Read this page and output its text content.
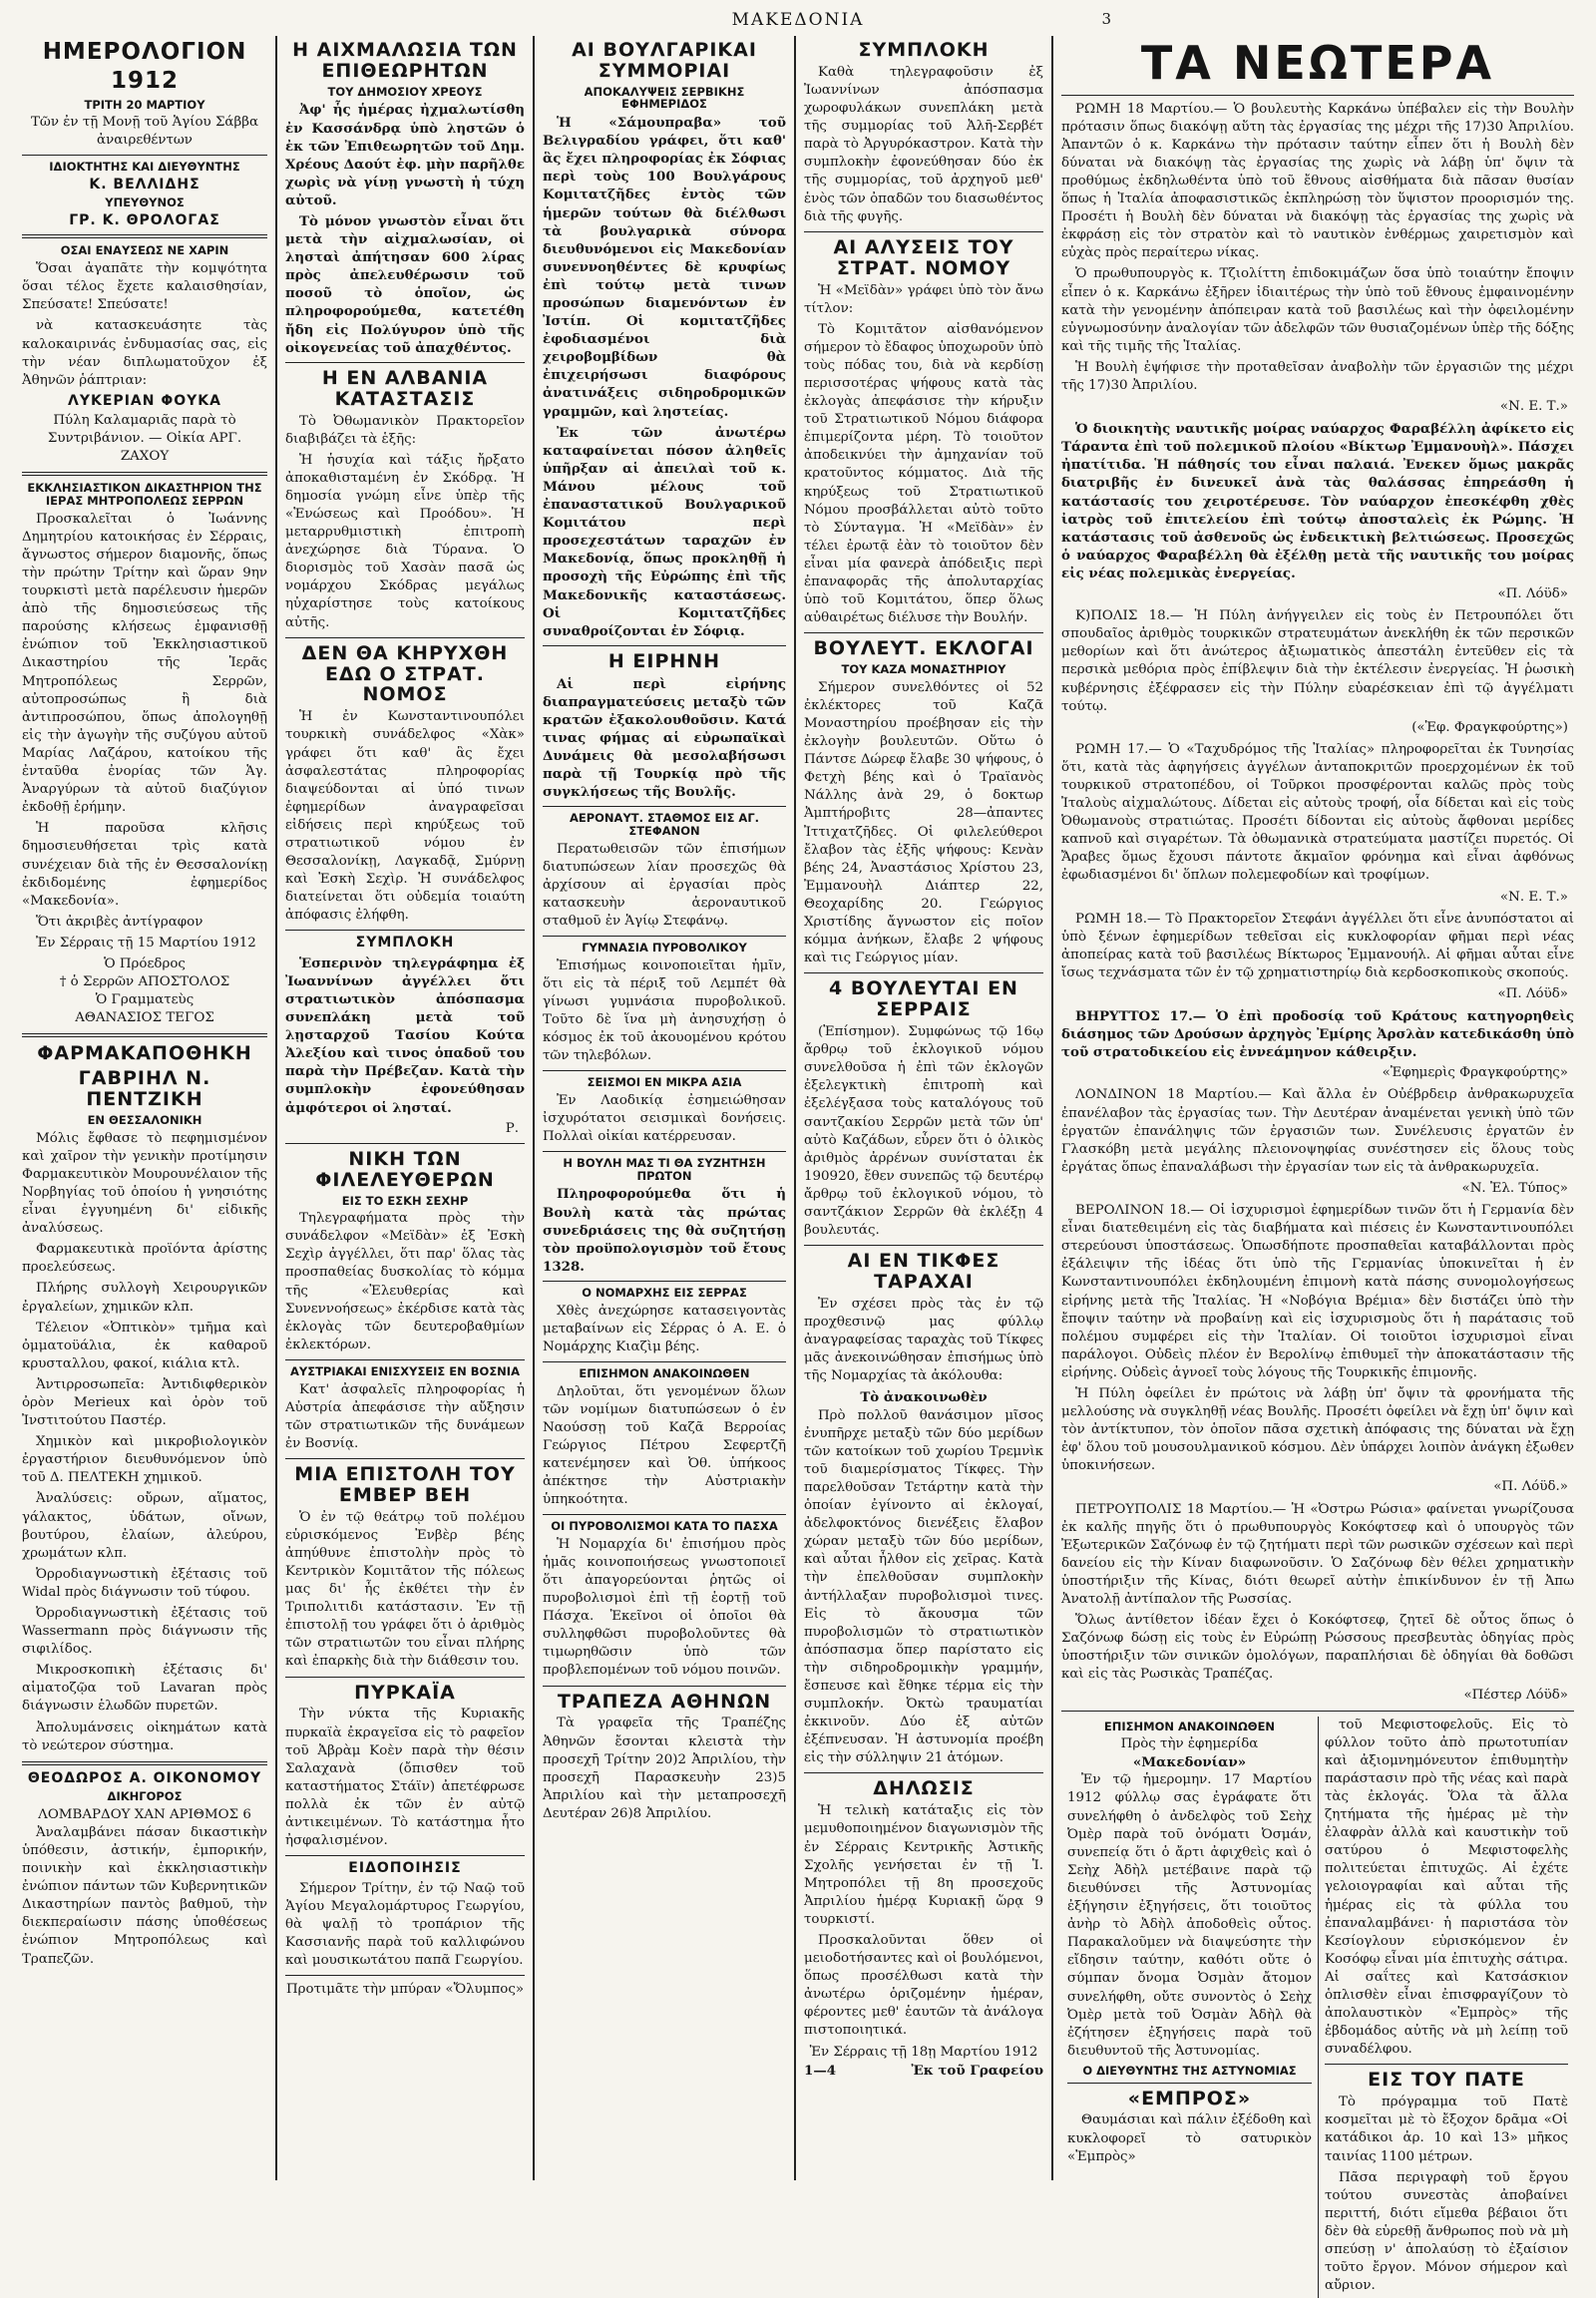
ΜΑΚΕΔΟΝΙΑ	3
ΗΜΕΡΟΛΟΓΙΟΝ
1912
ΤΡΙΤΗ 20 ΜΑΡΤΙΟΥ
Τῶν ἐν τῇ Μονῇ τοῦ Ἁγίου Σάββα ἀναιρεθέντων
ΙΔΙΟΚΤΗΤΗΣ ΚΑΙ ΔΙΕΥΘΥΝΤΗΣ
Κ. ΒΕΛΛΙΔΗΣ
ΥΠΕΥΘΥΝΟΣ
ΓΡ. Κ. ΘΡΟΛΟΓΑΣ
ΟΣΑΙ ΕΝΑΥΣΕΩΣ ΝΕ ΧΑΡΙΝ

Ὅσαι ἀγαπᾶτε τὴν κομψότητα ὅσαι τέλος ἔχετε καλαισθησίαν, Σπεύσατε! Σπεύσατε!

νὰ κατασκευάσητε τὰς καλοκαιρινάς ἐνδυμασίας σας, εἰς τὴν νέαν διπλωματοῦχον ἐξ Ἀθηνῶν ῥάπτριαν:

ΛΥΚΕΡΙΑΝ ΦΟΥΚΑ
Πύλη Καλαμαριᾶς παρὰ τὸ Συντριβάνιον. — Οἰκία ΑΡΓ. ΖΑΧΟΥ
ΕΚΚΛΗΣΙΑΣΤΙΚΟΝ ΔΙΚΑΣΤΗΡΙΟΝ ΤΗΣ ΙΕΡΑΣ ΜΗΤΡΟΠΟΛΕΩΣ ΣΕΡΡΩΝ

Προσκαλεῖται ὁ Ἰωάννης Δημητρίου κατοικήσας ἐν Σέρραις, ἄγνωστος σήμερον διαμονῆς, ὅπως τὴν πρώτην Τρίτην καὶ ὥραν 9ην τουρκιστὶ μετὰ παρέλευσιν ἡμερῶν ἀπὸ τῆς δημοσιεύσεως τῆς παρούσης κλήσεως ἐμφανισθῇ ἐνώπιον τοῦ Ἐκκλησιαστικοῦ Δικαστηρίου τῆς Ἱερᾶς Μητροπόλεως Σερρῶν, αὐτοπροσώπως ἢ διὰ ἀντιπροσώπου, ὅπως ἀπολογηθῇ εἰς τὴν ἀγωγὴν τῆς συζύγου αὐτοῦ Μαρίας Λαζάρου, κατοίκου τῆς ἐνταῦθα ἐνορίας τῶν Ἁγ. Ἀναργύρων τὰ αὐτοῦ διαζύγιον ἐκδοθῇ ἐρήμην.

Ἡ παροῦσα κλῆσις δημοσιευθήσεται τρὶς κατὰ συνέχειαν διὰ τῆς ἐν Θεσσαλονίκῃ ἐκδιδομένης ἐφημερίδος «Μακεδονία».

Ὅτι ἀκριβὲς ἀντίγραφον

Ἐν Σέρραις τῇ 15 Μαρτίου 1912

Ὁ Πρόεδρος
† ὁ Σερρῶν ΑΠΟΣΤΟΛΟΣ
Ὁ Γραμματεὺς
ΑΘΑΝΑΣΙΟΣ ΤΕΓΟΣ
ΦΑΡΜΑΚΑΠΟΘΗΚΗ
ΓΑΒΡΙΗΛ Ν. ΠΕΝΤΖΙΚΗ
ΕΝ ΘΕΣΣΑΛΟΝΙΚΗ

Μόλις ἔφθασε τὸ πεφημισμένον καὶ χαῖρον τὴν γενικὴν προτίμησιν Φαρμακευτικὸν Μουρουνέλαιον τῆς Νορβηγίας τοῦ ὁποίου ἡ γνησιότης εἶναι ἐγγυημένη δι' εἰδικῆς ἀναλύσεως.

Φαρμακευτικὰ προϊόντα ἀρίστης προελεύσεως.

Πλήρης συλλογὴ Χειρουργικῶν ἐργαλείων, χημικῶν κλπ.

Τέλειον «Ὀπτικὸν» τμῆμα καὶ ὀμματοϋάλια, ἐκ καθαροῦ κρυσταλλου, φακοί, κιάλια κτλ.

Ἀντιρροσωπεῖα: Ἀντιδιφθερικὸν ὀρὸν Merieux καὶ ὀρὸν τοῦ Ἰνστιτούτου Παστέρ.

Χημικὸν καὶ μικροβιολογικὸν ἐργαστήριον διευθυνόμενον ὑπὸ τοῦ Δ. ΠΕΛΤΕΚΗ χημικοῦ.

Ἀναλύσεις: οὔρων, αἵματος, γάλακτος, ὑδάτων, οἴνων, βουτύρου, ἐλαίων, ἀλεύρου, χρωμάτων κλπ.

Ὀρροδιαγνωστικὴ ἐξέτασις τοῦ Widal πρὸς διάγνωσιν τοῦ τύφου.

Ὀρροδιαγνωστικὴ ἐξέτασις τοῦ Wassermann πρὸς διάγνωσιν τῆς σιφιλίδος.

Μικροσκοπικὴ ἐξέτασις δι' αἱματοζῷα τοῦ Lavaran πρὸς διάγνωσιν ἑλωδῶν πυρετῶν.

Ἀπολυμάνσεις οἰκημάτων κατὰ τὸ νεώτερον σύστημα.

ΘΕΟΔΩΡΟΣ Α. ΟΙΚΟΝΟΜΟΥ
ΔΙΚΗΓΟΡΟΣ
ΛΟΜΒΑΡΔΟΥ ΧΑΝ ΑΡΙΘΜΟΣ 6

Ἀναλαμβάνει πάσαν δικαστικὴν ὑπόθεσιν, ἀστικήν, ἐμπορικήν, ποινικὴν καὶ ἐκκλησιαστικὴν ἐνώπιον πάντων τῶν Κυβερνητικῶν Δικαστηρίων παντὸς βαθμοῦ, τὴν διεκπεραίωσιν πάσης ὑποθέσεως ἐνώπιον Μητροπόλεως καὶ Τραπεζῶν.

Η ΑΙΧΜΑΛΩΣΙΑ ΤΩΝ ΕΠΙΘΕΩΡΗΤΩΝ
ΤΟΥ ΔΗΜΟΣΙΟΥ ΧΡΕΟΥΣ

Ἀφ' ἧς ἡμέρας ἠχμαλωτίσθη ἐν Κασσάνδρᾳ ὑπὸ ληστῶν ὁ ἐκ τῶν Ἐπιθεωρητῶν τοῦ Δημ. Χρέους Δαούτ ἐφ. μὴν παρῆλθε χωρὶς νὰ γίνῃ γνωστὴ ἡ τύχη αὐτοῦ.

Τὸ μόνον γνωστὸν εἶναι ὅτι μετὰ τὴν αἰχμαλωσίαν, οἱ λησταὶ ἀπήτησαν 600 λίρας πρὸς ἀπελευθέρωσιν τοῦ ποσοῦ τὸ ὁποῖον, ὡς πληροφορούμεθα, κατετέθη ἤδη εἰς Πολύγυρον ὑπὸ τῆς οἰκογενείας τοῦ ἀπαχθέντος.

Η ΕΝ ΑΛΒΑΝΙΑ ΚΑΤΑΣΤΑΣΙΣ

Τὸ Ὀθωμανικὸν Πρακτορεῖον διαβιβάζει τὰ ἑξῆς:

Ἡ ἡσυχία καὶ τάξις ἤρξατο ἀποκαθισταμένη ἐν Σκόδρᾳ. Ἡ δημοσία γνώμη εἶνε ὑπὲρ τῆς «Ἑνώσεως καὶ Προόδου». Ἡ μεταρρυθμιστικὴ ἐπιτροπὴ ἀνεχώρησε διὰ Τύρανα. Ὁ διορισμὸς τοῦ Χασὰν πασᾶ ὡς νομάρχου Σκόδρας μεγάλως ηὐχαρίστησε τοὺς κατοίκους αὐτῆς.

ΔΕΝ ΘΑ ΚΗΡΥΧΘΗ ΕΔΩ Ο ΣΤΡΑΤ. ΝΟΜΟΣ

Ἡ ἐν Κωνσταντινουπόλει τουρκικὴ συνάδελφος «Χὰκ» γράφει ὅτι καθ' ἃς ἔχει ἀσφαλεστάτας πληροφορίας διαψεύδονται αἱ ὑπό τινων ἐφημερίδων ἀναγραφεῖσαι εἰδήσεις περὶ κηρύξεως τοῦ στρατιωτικοῦ νόμου ἐν Θεσσαλονίκῃ, Λαγκαδᾷ, Σμύρνῃ καὶ Ἐσκὴ Σεχὶρ. Ἡ συνάδελφος διατείνεται ὅτι οὐδεμία τοιαύτη ἀπόφασις ἐλήφθη.

ΣΥΜΠΛΟΚΗ

Ἑσπερινὸν τηλεγράφημα ἐξ Ἰωαννίνων ἀγγέλλει ὅτι στρατιωτικὸν ἀπόσπασμα συνεπλάκη μετὰ τοῦ λῃσταρχοῦ Τασίου Κούτα Ἀλεξίου καὶ τινος ὁπαδοῦ του παρὰ τὴν Πρέβεζαν. Κατὰ τὴν συμπλοκὴν ἐφονεύθησαν ἀμφότεροι οἱ λησταί.

Ρ.
ΝΙΚΗ ΤΩΝ ΦΙΛΕΛΕΥΘΕΡΩΝ
ΕΙΣ ΤΟ ΕΣΚΗ ΣΕΧΗΡ

Τηλεγραφήματα πρὸς τὴν συνάδελφον «Μεϊδὰν» ἐξ Ἐσκὴ Σεχὶρ ἀγγέλλει, ὅτι παρ' ὅλας τὰς προσπαθείας δυσκολίας τὸ κόμμα τῆς «Ἐλευθερίας καὶ Συνεννοήσεως» ἐκέρδισε κατὰ τὰς ἐκλογὰς τῶν δευτεροβαθμίων ἐκλεκτόρων.

ΑΥΣΤΡΙΑΚΑΙ ΕΝΙΣΧΥΣΕΙΣ ΕΝ ΒΟΣΝΙΑ

Κατ' ἀσφαλεῖς πληροφορίας ἡ Αὐστρία ἀπεφάσισε τὴν αὔξησιν τῶν στρατιωτικῶν τῆς δυνάμεων ἐν Βοσνίᾳ.

ΜΙΑ ΕΠΙΣΤΟΛΗ ΤΟΥ ΕΜΒΕΡ ΒΕΗ

Ὁ ἐν τῷ θεάτρῳ τοῦ πολέμου εὑρισκόμενος Ἐνβὲρ βέης ἀπηύθυνε ἐπιστολὴν πρὸς τὸ Κεντρικὸν Κομιτᾶτον τῆς πόλεως μας δι' ἧς ἐκθέτει τὴν ἐν Τριπολιτιδι κατάστασιν. Ἐν τῇ ἐπιστολῇ του γράφει ὅτι ὁ ἀριθμὸς τῶν στρατιωτῶν του εἶναι πλήρης καὶ ἐπαρκὴς διὰ τὴν διάθεσιν του.

ΠΥΡΚΑΪΑ

Τὴν νύκτα τῆς Κυριακῆς πυρκαϊὰ ἐκραγεῖσα εἰς τὸ ραφεῖον τοῦ Ἀβρὰμ Κοὲν παρὰ τὴν θέσιν Σαλαχανὰ (ὄπισθεν τοῦ καταστήματος Στάϊν) ἀπετέφρωσε πολλὰ ἐκ τῶν ἐν αὐτῷ ἀντικειμένων. Τὸ κατάστημα ἦτο ἠσφαλισμένον.

ΕΙΔΟΠΟΙΗΣΙΣ

Σήμερον Τρίτην, ἐν τῷ Ναῷ τοῦ Ἁγίου Μεγαλομάρτυρος Γεωργίου, θὰ ψαλῇ τὸ τροπάριον τῆς Κασσιανῆς παρὰ τοῦ καλλιφώνου καὶ μουσικωτάτου παπᾶ Γεωργίου.

Προτιμᾶτε τὴν μπύραν «Ὄλυμπος»
ΑΙ ΒΟΥΛΓΑΡΙΚΑΙ ΣΥΜΜΟΡΙΑΙ
ΑΠΟΚΑΛΥΨΕΙΣ ΣΕΡΒΙΚΗΣ ΕΦΗΜΕΡΙΔΟΣ

Ἡ «Σάμουπραβα» τοῦ Βελιγραδίου γράφει, ὅτι καθ' ἃς ἔχει πληροφορίας ἐκ Σόφιας περὶ τοὺς 100 Βουλγάρους Κομιτατζῆδες ἐντὸς τῶν ἡμερῶν τούτων θὰ διέλθωσι τὰ βουλγαρικὰ σύνορα διευθυνόμενοι εἰς Μακεδονίαν συνεννοηθέντες δὲ κρυφίως ἐπὶ τούτῳ μετὰ τινων προσώπων διαμενόντων ἐν Ἰστίπ. Οἱ κομιτατζῆδες ἐφοδιασμένοι διὰ χειροβομβίδων θὰ ἐπιχειρήσωσι διαφόρους ἀνατινάξεις σιδηροδρομικῶν γραμμῶν, καὶ ληστείας.

Ἐκ τῶν ἀνωτέρω καταφαίνεται πόσον ἀληθεῖς ὑπῆρξαν αἱ ἀπειλαὶ τοῦ κ. Μάνου μέλους τοῦ ἐπαναστατικοῦ Βουλγαρικοῦ Κομιτάτου περὶ προσεχεστάτων ταραχῶν ἐν Μακεδονίᾳ, ὅπως προκληθῇ ἡ προσοχὴ τῆς Εὐρώπης ἐπὶ τῆς Μακεδονικῆς καταστάσεως. Οἱ Κομιτατζῆδες συναθροίζονται ἐν Σόφιᾳ.

Η ΕΙΡΗΝΗ

Αἱ περὶ εἰρήνης διαπραγματεύσεις μεταξὺ τῶν κρατῶν ἐξακολουθοῦσιν. Κατά τινας φήμας αἱ εὐρωπαϊκαὶ Δυνάμεις θὰ μεσολαβήσωσι παρὰ τῇ Τουρκίᾳ πρὸ τῆς συγκλήσεως τῆς Βουλῆς.

ΑΕΡΟΝΑΥΤ. ΣΤΑΘΜΟΣ ΕΙΣ ΑΓ. ΣΤΕΦΑΝΟΝ

Περατωθεισῶν τῶν ἐπισήμων διατυπώσεων λίαν προσεχῶς θὰ ἀρχίσουν αἱ ἐργασίαι πρὸς κατασκευὴν ἀεροναυτικοῦ σταθμοῦ ἐν Ἁγίῳ Στεφάνῳ.

ΓΥΜΝΑΣΙΑ ΠΥΡΟΒΟΛΙΚΟΥ

Ἐπισήμως κοινοποιεῖται ἡμῖν, ὅτι εἰς τὰ πέριξ τοῦ Λεμπέτ θὰ γίνωσι γυμνάσια πυροβολικοῦ. Τοῦτο δὲ ἵνα μὴ ἀνησυχήσῃ ὁ κόσμος ἐκ τοῦ ἀκουομένου κρότου τῶν τηλεβόλων.

ΣΕΙΣΜΟΙ ΕΝ ΜΙΚΡΑ ΑΣΙΑ

Ἐν Λαοδικίᾳ ἐσημειώθησαν ἰσχυρότατοι σεισμικαὶ δονήσεις. Πολλαὶ οἰκίαι κατέρρευσαν.

Η ΒΟΥΛΗ ΜΑΣ ΤΙ ΘΑ ΣΥΖΗΤΗΣΗ ΠΡΩΤΟΝ

Πληροφορούμεθα ὅτι ἡ Βουλὴ κατὰ τὰς πρώτας συνεδριάσεις της θὰ συζητήσῃ τὸν προϋπολογισμὸν τοῦ ἔτους 1328.

Ο ΝΟΜΑΡΧΗΣ ΕΙΣ ΣΕΡΡΑΣ

Χθὲς ἀνεχώρησε κατασειγοντὰς μεταβαίνων εἰς Σέρρας ὁ Α. Ε. ὁ Νομάρχης Κιαζὶμ βέης.

ΕΠΙΣΗΜΟΝ ΑΝΑΚΟΙΝΩΘΕΝ

Δηλοῦται, ὅτι γενομένων ὅλων τῶν νομίμων διατυπώσεων ὁ ἐν Ναούσσῃ τοῦ Καζᾶ Βερροίας Γεώργιος Πέτρου Σεφερτζῆ κατενέμησεν καὶ Ὀθ. ὑπήκοος ἀπέκτησε τὴν Αὐστριακὴν ὑπηκοότητα.

ΟΙ ΠΥΡΟΒΟΛΙΣΜΟΙ ΚΑΤΑ ΤΟ ΠΑΣΧΑ

Ἡ Νομαρχία δι' ἐπισήμου πρὸς ἡμᾶς κοινοποιήσεως γνωστοποιεῖ ὅτι ἀπαγορεύονται ῥητῶς οἱ πυροβολισμοὶ ἐπὶ τῇ ἑορτῇ τοῦ Πάσχα. Ἐκεῖνοι οἱ ὁποῖοι θὰ συλληφθῶσι πυροβολοῦντες θὰ τιμωρηθῶσιν ὑπὸ τῶν προβλεπομένων τοῦ νόμου ποινῶν.

ΤΡΑΠΕΖΑ ΑΘΗΝΩΝ

Τὰ γραφεῖα τῆς Τραπέζης Ἀθηνῶν ἔσονται κλειστὰ τὴν προσεχῆ Τρίτην 20)2 Ἀπριλίου, τὴν προσεχῆ Παρασκευὴν 23)5 Ἀπριλίου καὶ τὴν μεταπροσεχῆ Δευτέραν 26)8 Ἀπριλίου.

ΣΥΜΠΛΟΚΗ

Καθὰ τηλεγραφοῦσιν ἐξ Ἰωαννίνων ἀπόσπασμα χωροφυλάκων συνεπλάκη μετὰ τῆς συμμορίας τοῦ Ἀλῆ-Σερβέτ παρὰ τὸ Ἀργυρόκαστρον. Κατὰ τὴν συμπλοκὴν ἐφονεύθησαν δύο ἐκ τῆς συμμορίας, τοῦ ἀρχηγοῦ μεθ' ἑνὸς τῶν ὀπαδῶν του διασωθέντος διὰ τῆς φυγῆς.

ΑΙ ΑΛΥΣΕΙΣ ΤΟΥ ΣΤΡΑΤ. ΝΟΜΟΥ

Ἡ «Μεϊδὰν» γράφει ὑπὸ τὸν ἄνω τίτλον:

Τὸ Κομιτᾶτον αἰσθανόμενον σήμερον τὸ ἔδαφος ὑποχωροῦν ὑπὸ τοὺς πόδας του, διὰ νὰ κερδίσῃ περισσοτέρας ψήφους κατὰ τὰς ἐκλογὰς ἀπεφάσισε τὴν κήρυξιν τοῦ Στρατιωτικοῦ Νόμου διάφορα ἐπιμερίζοντα μέρη. Τὸ τοιοῦτον ἀποδεικνύει τὴν ἀμηχανίαν τοῦ κρατοῦντος κόμματος. Διὰ τῆς κηρύξεως τοῦ Στρατιωτικοῦ Νόμου προσβάλλεται αὐτὸ τοῦτο τὸ Σύνταγμα. Ἡ «Μεϊδὰν» ἐν τέλει ἐρωτᾷ ἐὰν τὸ τοιοῦτον δὲν εἶναι μία φανερὰ ἀπόδειξις περὶ ἐπαναφορᾶς τῆς ἀπολυταρχίας ὑπὸ τοῦ Κομιτάτου, ὅπερ ὅλως αὐθαιρέτως διέλυσε τὴν Βουλήν.

ΒΟΥΛΕΥΤ. ΕΚΛΟΓΑΙ
ΤΟΥ ΚΑΖΑ ΜΟΝΑΣΤΗΡΙΟΥ

Σήμερον συνελθόντες οἱ 52 ἐκλέκτορες τοῦ Καζᾶ Μοναστηρίου προέβησαν εἰς τὴν ἐκλογὴν βουλευτῶν. Οὕτω ὁ Πάντσε Δώρεφ ἔλαβε 30 ψήφους, ὁ Φετχὴ βέης καὶ ὁ Τραϊανὸς Νάλλης ἀνὰ 29, ὁ δοκτωρ Ἀμπτήροβιτς 28—ἀπαντες Ἰττιχατζῆδες. Οἱ φιλελεύθεροι ἔλαβον τὰς ἑξῆς ψήφους: Κενὰν βέης 24, Ἀναστάσιος Χρίστου 23, Ἐμμανουὴλ Διάπτερ 22, Θεοχαρίδης 20. Γεώργιος Χριστίδης ἄγνωστον εἰς ποῖον κόμμα ἀνήκων, ἔλαβε 2 ψήφους καὶ τις Γεώργιος μίαν.

4 ΒΟΥΛΕΥΤΑΙ ΕΝ ΣΕΡΡΑΙΣ

(Ἐπίσημον). Συμφώνως τῷ 16ῳ ἄρθρῳ τοῦ ἐκλογικοῦ νόμου συνελθοῦσα ἡ ἐπὶ τῶν ἐκλογῶν ἐξελεγκτικὴ ἐπιτροπὴ καὶ ἐξελέγξασα τοὺς καταλόγους τοῦ σαντζακίου Σερρῶν μετὰ τῶν ὑπ' αὐτὸ Καζάδων, εὗρεν ὅτι ὁ ὁλικὸς ἀριθμὸς ἀρρένων συνίσταται ἐκ 190920, ἔθεν συνεπῶς τῷ δευτέρῳ ἄρθρῳ τοῦ ἐκλογικοῦ νόμου, τὸ σαντζάκιον Σερρῶν θὰ ἐκλέξῃ 4 βουλευτάς.

ΑΙ ΕΝ ΤΙΚΦΕΣ ΤΑΡΑΧΑΙ

Ἐν σχέσει πρὸς τὰς ἐν τῷ προχθεσινῷ μας φύλλῳ ἀναγραφείσας ταραχὰς τοῦ Τίκφες μᾶς ἀνεκοινώθησαν ἐπισήμως ὑπὸ τῆς Νομαρχίας τὰ ἀκόλουθα:

Τὸ ἀνακοινωθὲν

Πρὸ πολλοῦ θανάσιμον μῖσος ἐνυπῆρχε μεταξὺ τῶν δύο μερίδων τῶν κατοίκων τοῦ χωρίου Τρεμνὶκ τοῦ διαμερίσματος Τίκφες. Τὴν παρελθοῦσαν Τετάρτην κατὰ τὴν ὁποίαν ἐγίνοντο αἱ ἐκλογαί, ἀδελφοκτόνος διενέξεις ἔλαβον χώραν μεταξὺ τῶν δύο μερίδων, καὶ αὗται ἦλθον εἰς χεῖρας. Κατὰ τὴν ἐπελθοῦσαν συμπλοκὴν ἀντήλλαξαν πυροβολισμοὶ τινες. Εἰς τὸ ἄκουσμα τῶν πυροβολισμῶν τὸ στρατιωτικὸν ἀπόσπασμα ὅπερ παρίστατο εἰς τὴν σιδηροδρομικὴν γραμμήν, ἔσπευσε καὶ ἔθηκε τέρμα εἰς τὴν συμπλοκήν. Ὀκτὼ τραυματίαι ἐκκινοῦν. Δύο ἐξ αὐτῶν ἐξέπνευσαν. Ἡ ἀστυνομία προέβη εἰς τὴν σύλληψιν 21 ἀτόμων.

ΔΗΛΩΣΙΣ

Ἡ τελικὴ κατάταξις εἰς τὸν μεμυθοποιημένον διαγωνισμὸν τῆς ἐν Σέρραις Κεντρικῆς Ἀστικῆς Σχολῆς γενήσεται ἐν τῇ Ἱ. Μητροπόλει τῇ 8η προσεχοῦς Ἀπριλίου ἡμέρᾳ Κυριακῇ ὥρᾳ 9 τουρκιστί.

Προσκαλοῦνται ὅθεν οἱ μειοδοτήσαντες καὶ οἱ βουλόμενοι, ὅπως προσέλθωσι κατὰ τὴν ἀνωτέρω ὁριζομένην ἡμέραν, φέροντες μεθ' ἑαυτῶν τὰ ἀνάλογα πιστοποιητικά.

Ἐν Σέρραις τῇ 18ῃ Μαρτίου 1912
1—4	Ἐκ τοῦ Γραφείου
ΤΑ ΝΕΩΤΕΡΑ

ΡΩΜΗ 18 Μαρτίου.— Ὁ βουλευτὴς Καρκάνω ὑπέβαλεν εἰς τὴν Βουλὴν πρότασιν ὅπως διακόψῃ αὕτη τὰς ἐργασίας της μέχρι τῆς 17)30 Ἀπριλίου. Ἀπαντῶν ὁ κ. Καρκάνω τὴν πρότασιν ταύτην εἶπεν ὅτι ἡ Βουλὴ δὲν δύναται νὰ διακόψῃ τὰς ἐργασίας της χωρὶς νὰ λάβῃ ὑπ' ὄψιν τὰ προθύμως ἐκδηλωθέντα ὑπὸ τοῦ ἔθνους αἰσθήματα διὰ πᾶσαν θυσίαν ὅπως ἡ Ἰταλία ἀποφασιστικῶς ἐκπληρώσῃ τὸν ὕψιστον προορισμόν της. Προσέτι ἡ Βουλὴ δὲν δύναται νὰ διακόψῃ τὰς ἐργασίας της χωρὶς νὰ ἐκφράσῃ εἰς τὸν στρατὸν καὶ τὸ ναυτικὸν ἐνθέρμως χαιρετισμὸν καὶ εὐχὰς πρὸς περαίτερω νίκας.

Ὁ πρωθυπουργὸς κ. Τζιολίττη ἐπιδοκιμάζων ὅσα ὑπὸ τοιαύτην ἔποψιν εἶπεν ὁ κ. Καρκάνω ἐξῆρεν ἰδιαιτέρως τὴν ὑπὸ τοῦ ἔθνους ἐμφαινομένην κατὰ τὴν γενομένην ἀπόπειραν κατὰ τοῦ βασιλέως καὶ τὴν ὀφειλομένην εὐγνωμοσύνην ἀναλογίαν τῶν ἀδελφῶν τῶν θυσιαζομένων ὑπὲρ τῆς δόξης καὶ τῆς τιμῆς τῆς Ἰταλίας.

Ἡ Βουλὴ ἐψήφισε τὴν προταθεῖσαν ἀναβολὴν τῶν ἐργασιῶν της μέχρι τῆς 17)30 Ἀπριλίου.

«Ν. Ε. Τ.»

Ὁ διοικητὴς ναυτικῆς μοίρας ναύαρχος Φαραβέλλη ἀφίκετο εἰς Τάραντα ἐπὶ τοῦ πολεμικοῦ πλοίου «Βίκτωρ Ἐμμανουὴλ». Πάσχει ἠπατίτιδα. Ἡ πάθησίς του εἶναι παλαιά. Ἐνεκεν ὅμως μακρᾶς διατριβῆς ἐν δινευκεῖ ἀνὰ τὰς θαλάσσας ἐπηρεάσθη ἡ κατάστασίς του χειροτέρευσε. Τὸν ναύαρχον ἐπεσκέφθη χθὲς ἰατρὸς τοῦ ἐπιτελείου ἐπὶ τούτῳ ἀποσταλεὶς ἐκ Ρώμης. Ἡ κατάστασις τοῦ ἀσθενοῦς ὡς ἐνδεικτικὴ βελτιώσεως. Προσεχῶς ὁ ναύαρχος Φαραβέλλη θὰ ἐξέλθῃ μετὰ τῆς ναυτικῆς του μοίρας εἰς νέας πολεμικὰς ἐνεργείας.

«Π. Λόϋδ»

Κ)ΠΟΛΙΣ 18.— Ἡ Πύλη ἀνήγγειλεν εἰς τοὺς ἐν Πετρουπόλει ὅτι σπουδαῖος ἀριθμὸς τουρκικῶν στρατευμάτων ἀνεκλήθη ἐκ τῶν περσικῶν μεθορίων καὶ ὅτι ἀνώτερος ἀξιωματικὸς ἀπεστάλη ἐντεῦθεν εἰς τὰ περσικὰ μεθόρια πρὸς ἐπίβλεψιν διὰ τὴν ἐκτέλεσιν ἐνεργείας. Ἡ ῥωσικὴ κυβέρνησις ἐξέφρασεν εἰς τὴν Πύλην εὐαρέσκειαν ἐπὶ τῷ ἀγγέλματι τούτῳ.

(«Ἐφ. Φραγκφούρτης»)

ΡΩΜΗ 17.— Ὁ «Ταχυδρόμος τῆς Ἰταλίας» πληροφορεῖται ἐκ Τυνησίας ὅτι, κατὰ τὰς ἀφηγήσεις ἀγγέλων ἀνταποκριτῶν προερχομένων ἐκ τοῦ τουρκικοῦ στρατοπέδου, οἱ Τοῦρκοι προσφέρονται καλῶς πρὸς τοὺς Ἰταλοὺς αἰχμαλώτους. Δίδεται εἰς αὐτοὺς τροφή, οἷα δίδεται καὶ εἰς τοὺς Ὀθωμανοὺς στρατιώτας. Προσέτι δίδονται εἰς αὐτοὺς ἄφθοναι μερίδες καπνοῦ καὶ σιγαρέτων. Τὰ ὀθωμανικὰ στρατεύματα μαστίζει πυρετός. Οἱ Ἄραβες ὅμως ἔχουσι πάντοτε ἄκμαῖον φρόνημα καὶ εἶναι ἀφθόνως ἐφωδιασμένοι δι' ὅπλων πολεμεφοδίων καὶ τροφίμων.

«Ν. Ε. Τ.»

ΡΩΜΗ 18.— Τὸ Πρακτορεῖον Στεφάνι ἀγγέλλει ὅτι εἶνε ἀνυπόστατοι αἱ ὑπὸ ξένων ἐφημερίδων τεθεῖσαι εἰς κυκλοφορίαν φῆμαι περὶ νέας ἀποπείρας κατὰ τοῦ βασιλέως Βίκτωρος Ἐμμανουήλ. Αἱ φῆμαι αὗται εἶνε ἴσως τεχνάσματα τῶν ἐν τῷ χρηματιστηρίῳ διὰ κερδοσκοπικοὺς σκοπούς.

«Π. Λόϋδ»

ΒΗΡΥΤΤΟΣ 17.— Ὁ ἐπὶ προδοσίᾳ τοῦ Κράτους κατηγορηθεὶς διάσημος τῶν Δρούσων ἀρχηγὸς Ἐμίρης Ἀρσλὰν κατεδικάσθη ὑπὸ τοῦ στρατοδικείου εἰς ἐννεάμηνον κάθειρξιν.

«Ἐφημερὶς Φραγκφούρτης»

ΛΟΝΔΙΝΟΝ 18 Μαρτίου.— Καὶ ἄλλα ἐν Οὐέβρδειρ ἀνθρακωρυχεῖα ἐπανέλαβον τὰς ἐργασίας των. Τὴν Δευτέραν ἀναμένεται γενικὴ ὑπὸ τῶν ἐργατῶν ἐπανάληψις τῶν ἐργασιῶν των. Συνέλευσις ἐργατῶν ἐν Γλασκόβη μετὰ μεγάλης πλειονοψηφίας συνέστησεν εἰς ὅλους τοὺς ἐργάτας ὅπως ἐπαναλάβωσι τὴν ἐργασίαν των εἰς τὰ ἀνθρακωρυχεῖα.

«Ν. Ἐλ. Τύπος»

ΒΕΡΟΛΙΝΟΝ 18.— Οἱ ἰσχυρισμοὶ ἐφημερίδων τινῶν ὅτι ἡ Γερμανία δὲν εἶναι διατεθειμένη εἰς τὰς διαβήματα καὶ πιέσεις ἐν Κωνσταντινουπόλει στερεύουσι ὑποστάσεως. Ὁπωσδήποτε προσπαθεῖαι καταβάλλονται πρὸς ἐξάλειψιν τῆς ἰδέας ὅτι ὑπὸ τῆς Γερμανίας ὑποκινεῖται ἡ ἐν Κωνσταντινουπόλει ἐκδηλουμένη ἐπιμονὴ κατὰ πάσης συνομολογήσεως εἰρήνης μετὰ τῆς Ἰταλίας. Ἡ «Νοβόγια Βρέμια» δὲν διστάζει ὑπὸ τὴν ἔποψιν ταύτην νὰ προβαίνῃ καὶ εἰς ἰσχυρισμοὺς ὅτι ἡ παράτασις τοῦ πολέμου συμφέρει εἰς τὴν Ἰταλίαν. Οἱ τοιοῦτοι ἰσχυρισμοὶ εἶναι παράλογοι. Οὐδεὶς πλέον ἐν Βερολίνῳ ἐπιθυμεῖ τὴν ἀποκατάστασιν τῆς εἰρήνης. Οὐδεὶς ἀγνοεῖ τοὺς λόγους τῆς Τουρκικῆς ἐπιμονῆς.

Ἡ Πύλη ὀφείλει ἐν πρώτοις νὰ λάβῃ ὑπ' ὄψιν τὰ φρονήματα τῆς μελλούσης νὰ συγκληθῇ νέας Βουλῆς. Προσέτι ὀφείλει νὰ ἔχῃ ὑπ' ὄψιν καὶ τὸν ἀντίκτυπον, τὸν ὁποῖον πᾶσα σχετικὴ ἀπόφασις της δύναται νὰ ἔχῃ ἐφ' ὅλου τοῦ μουσουλμανικοῦ κόσμου. Δὲν ὑπάρχει λοιπὸν ἀνάγκη ἐξωθεν ὑποκινήσεων.

«Π. Λόϋδ.»

ΠΕΤΡΟΥΠΟΛΙΣ 18 Μαρτίου.— Ἡ «Ὀστρω Ρώσια» φαίνεται γνωρίζουσα ἐκ καλῆς πηγῆς ὅτι ὁ πρωθυπουργὸς Κοκόφτσεφ καὶ ὁ υπουργὸς τῶν Ἐξωτερικῶν Σαζόνωφ ἐν τῷ ζητήματι περὶ τῶν ρωσικῶν σχέσεων καὶ περὶ δανείου εἰς τὴν Κίναν διαφωνοῦσιν. Ὁ Σαζόνωφ δὲν θέλει χρηματικὴν ὑποστήριξιν τῆς Κίνας, διότι θεωρεῖ αὐτὴν ἐπικίνδυνον ἐν τῇ Ἀπω Ἀνατολῇ ἀντίπαλον τῆς Ρωσσίας.

Ὅλως ἀντίθετον ἰδέαν ἔχει ὁ Κοκόφτσεφ, ζητεῖ δὲ οὗτος ὅπως ὁ Σαζόνωφ δώσῃ εἰς τοὺς ἐν Εὐρώπῃ Ρώσσους πρεσβευτὰς ὁδηγίας πρὸς ὑποστήριξιν τῶν σινικῶν ὁμολόγων, παραπλήσιαι δὲ ὁδηγίαι θὰ δοθῶσι καὶ εἰς τὰς Ρωσικὰς Τραπέζας.

«Πέστερ Λόϋδ»
ΕΠΙΣΗΜΟΝ ΑΝΑΚΟΙΝΩΘΕΝ
Πρὸς τὴν ἐφημερίδα
«Μακεδονίαν»

Ἐν τῷ ἡμερομην. 17 Μαρτίου 1912 φύλλῳ σας ἐγράφατε ὅτι συνελήφθη ὁ ἀνδελφὸς τοῦ Σεὴχ Ὀμὲρ παρὰ τοῦ ὀνόματι Ὀσμάν, συνεπείᾳ ὅτι ὁ ἄρτι ἀφιχθεὶς καὶ ὁ Σεὴχ Ἀδὴλ μετέβαινε παρὰ τῷ διευθύνσει τῆς Ἀστυνομίας ἐξήγησιν ἐξηγήσεις, ὅτι τοιοῦτος ἀνὴρ τὸ Ἀδὴλ ἀποδοθεὶς οὗτος. Παρακαλοῦμεν νὰ διαψεύσητε τὴν εἴδησιν ταύτην, καθότι οὔτε ὁ σύμπαν ὄνομα Ὀσμὰν ἄτομον συνελήφθη, οὔτε συνοντὸς ὁ Σεὴχ Ὀμὲρ μετὰ τοῦ Ὀσμὰν Ἀδὴλ θὰ ἐζήτησεν ἐξηγήσεις παρὰ τοῦ διευθυντοῦ τῆς Ἀστυνομίας.

Ο ΔΙΕΥΘΥΝΤΗΣ ΤΗΣ ΑΣΤΥΝΟΜΙΑΣ
«ΕΜΠΡΟΣ»

Θαυμάσιαι καὶ πάλιν ἐξέδοθη καὶ κυκλοφορεῖ τὸ σατυρικὸν «Ἐμπρὸς»

τοῦ Μεφιστοφελοῦς. Εἰς τὸ φύλλον τοῦτο ἀπὸ πρωτοτυπίαν καὶ ἀξιομνημόνευτον ἐπιθυμητὴν παράστασιν πρὸ τῆς νέας καὶ παρὰ τὰς ἐκλογάς. Ὅλα τὰ ἄλλα ζητήματα τῆς ἡμέρας μὲ τὴν ἐλαφρὰν ἀλλὰ καὶ καυστικὴν τοῦ σατύρου ὁ Μεφιστοφελὴς πολιτεύεται ἐπιτυχῶς. Αἱ ἐχέτε γελοιογραφίαι καὶ αὗται τῆς ἡμέρας εἰς τὰ φύλλα του ἐπαναλαμβάνει· ἡ παριστάσα τὸν Κεσίογλουν εὑρισκόμενον ἐν Κοσόφῳ εἶναι μία ἐπιτυχὴς σάτιρα. Αἱ σαΐτες καὶ Κατσάσκιον ὁπλισθὲν εἶναι ἐπισφραγίζουν τὸ ἀπολαυστικὸν «Ἐμπρὸς» τῆς ἑβδομάδος αὐτῆς νὰ μὴ λείπῃ τοῦ συναδέλφου.

ΕΙΣ ΤΟΥ ΠΑΤΕ

Τὸ πρόγραμμα τοῦ Πατὲ κοσμεῖται μὲ τὸ ἔξοχον δρᾶμα «Οἱ κατάδικοι ἀρ. 10 καὶ 13» μῆκος ταινίας 1100 μέτρων.

Πᾶσα περιγραφὴ τοῦ ἔργου τούτου συνεστὰς ἀποβαίνει περιττή, διότι εἴμεθα βέβαιοι ὅτι δὲν θὰ εὑρεθῇ ἄνθρωπος ποὺ νὰ μὴ σπεύσῃ ν' ἀπολαύσῃ τὸ ἐξαίσιον τοῦτο ἔργον. Μόνον σήμερον καὶ αὔριον.
